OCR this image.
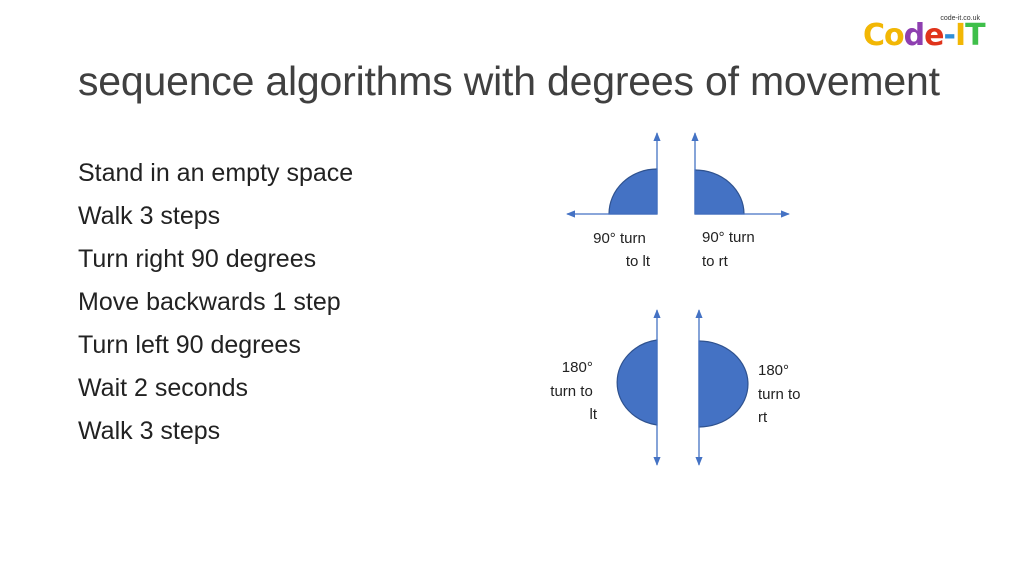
code-it.co.uk
C o d e - I T
sequence algorithms with degrees of movement
Stand in an empty space
Walk 3 steps
Turn right 90 degrees
Move backwards 1 step
Turn left 90 degrees
Wait 2 seconds
Walk 3 steps
90° turn to lt
90° turn to rt
180° turn to lt
180° turn to rt
